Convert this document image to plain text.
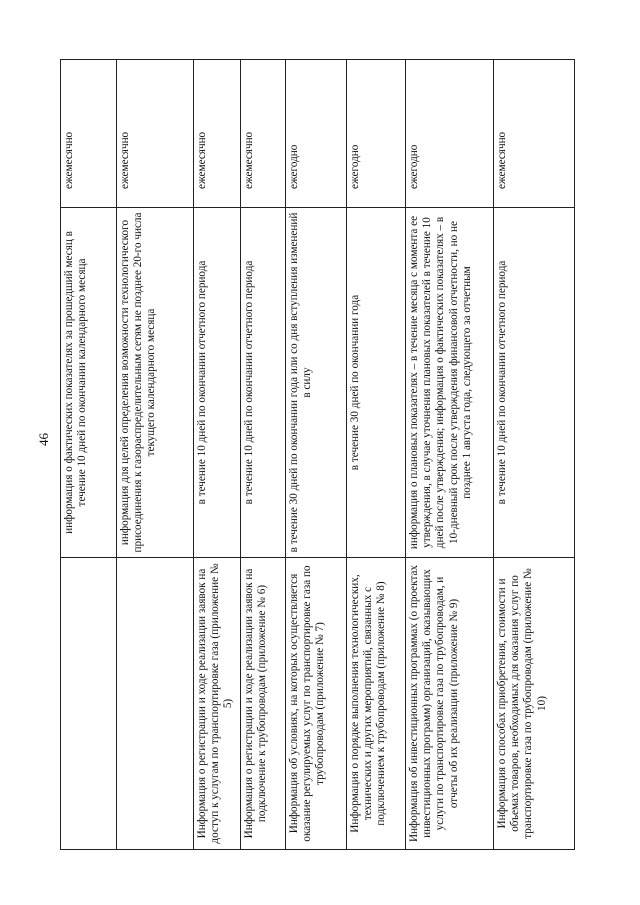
46
	информация о фактических показателях за прошедший месяц в течение 10 дней по окончании календарного месяца	ежемесячно
	информация для целей определения возможности технологического присоединения к газораспределительным сетям не позднее 20-го числа текущего календарного месяца	ежемесячно
Информация о регистрации и ходе реализации заявок на доступ к услугам по транспортировке газа (приложение № 5)	в течение 10 дней по окончании отчетного периода	ежемесячно
Информация о регистрации и ходе реализации заявок на подключение к трубопроводам (приложение № 6)	в течение 10 дней по окончании отчетного периода	ежемесячно
Информация об условиях, на которых осуществляется оказание регулируемых услуг по транспортировке газа по трубопроводам (приложение № 7)	в течение 30 дней по окончании года или со дня вступления изменений в силу	ежегодно
Информация о порядке выполнения технологических, технических и других мероприятий, связанных с подключением к трубопроводам (приложение № 8)	в течение 30 дней по окончании года	ежегодно
Информация об инвестиционных программах (о проектах инвестиционных программ) организаций, оказывающих услуги по транспортировке газа по трубопроводам, и отчеты об их реализации (приложение № 9)	информация о плановых показателях – в течение месяца с момента ее утверждения, в случае уточнения плановых показателей в течение 10 дней после утверждения; информация о фактических показателях – в 10-дневный срок после утверждения финансовой отчетности, но не позднее 1 августа года, следующего за отчетным	ежегодно
Информация о способах приобретения, стоимости и объемах товаров, необходимых для оказания услуг по транспортировке газа по трубопроводам (приложение № 10)	в течение 10 дней по окончании отчетного периода	ежемесячно
